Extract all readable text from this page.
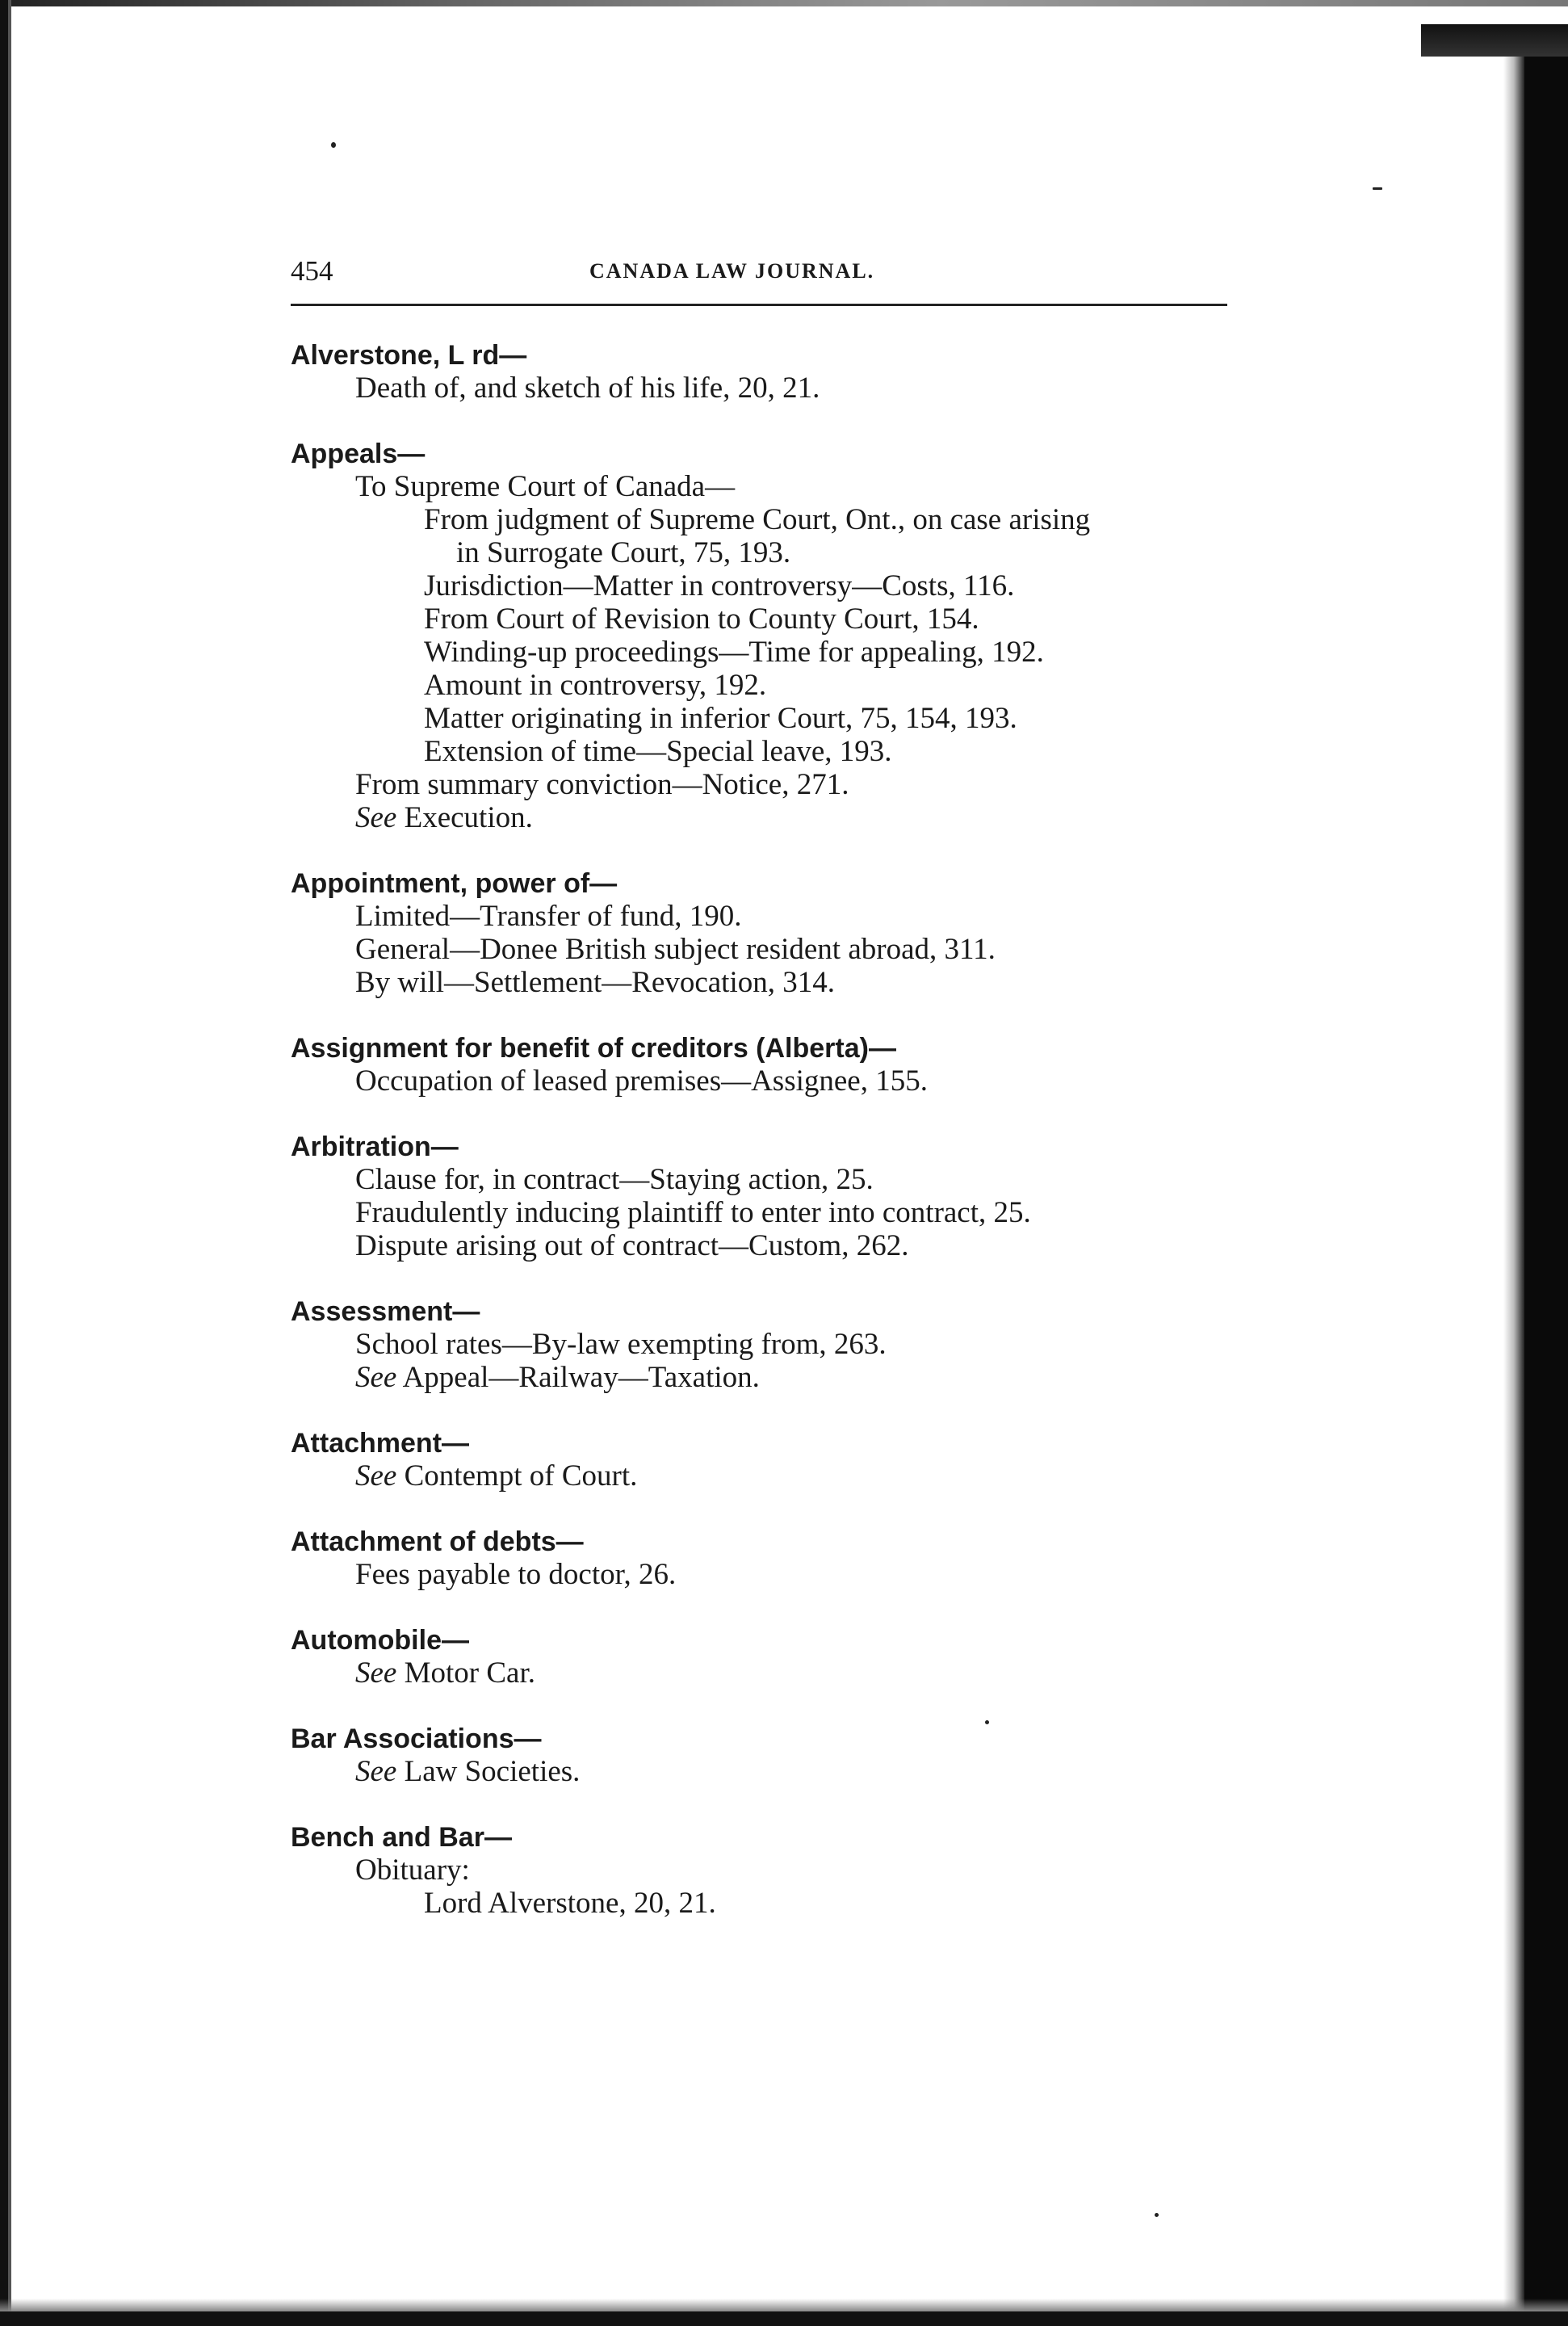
454	CANADA LAW JOURNAL.
Alverstone, L rd—
Death of, and sketch of his life, 20, 21.
Appeals—
To Supreme Court of Canada—
From judgment of Supreme Court, Ont., on case arising
in Surrogate Court, 75, 193.
Jurisdiction—Matter in controversy—Costs, 116.
From Court of Revision to County Court, 154.
Winding-up proceedings—Time for appealing, 192.
Amount in controversy, 192.
Matter originating in inferior Court, 75, 154, 193.
Extension of time—Special leave, 193.
From summary conviction—Notice, 271.
See Execution.
Appointment, power of—
Limited—Transfer of fund, 190.
General—Donee British subject resident abroad, 311.
By will—Settlement—Revocation, 314.
Assignment for benefit of creditors (Alberta)—
Occupation of leased premises—Assignee, 155.
Arbitration—
Clause for, in contract—Staying action, 25.
Fraudulently inducing plaintiff to enter into contract, 25.
Dispute arising out of contract—Custom, 262.
Assessment—
School rates—By-law exempting from, 263.
See Appeal—Railway—Taxation.
Attachment—
See Contempt of Court.
Attachment of debts—
Fees payable to doctor, 26.
Automobile—
See Motor Car.
Bar Associations—
See Law Societies.
Bench and Bar—
Obituary:
Lord Alverstone, 20, 21.
